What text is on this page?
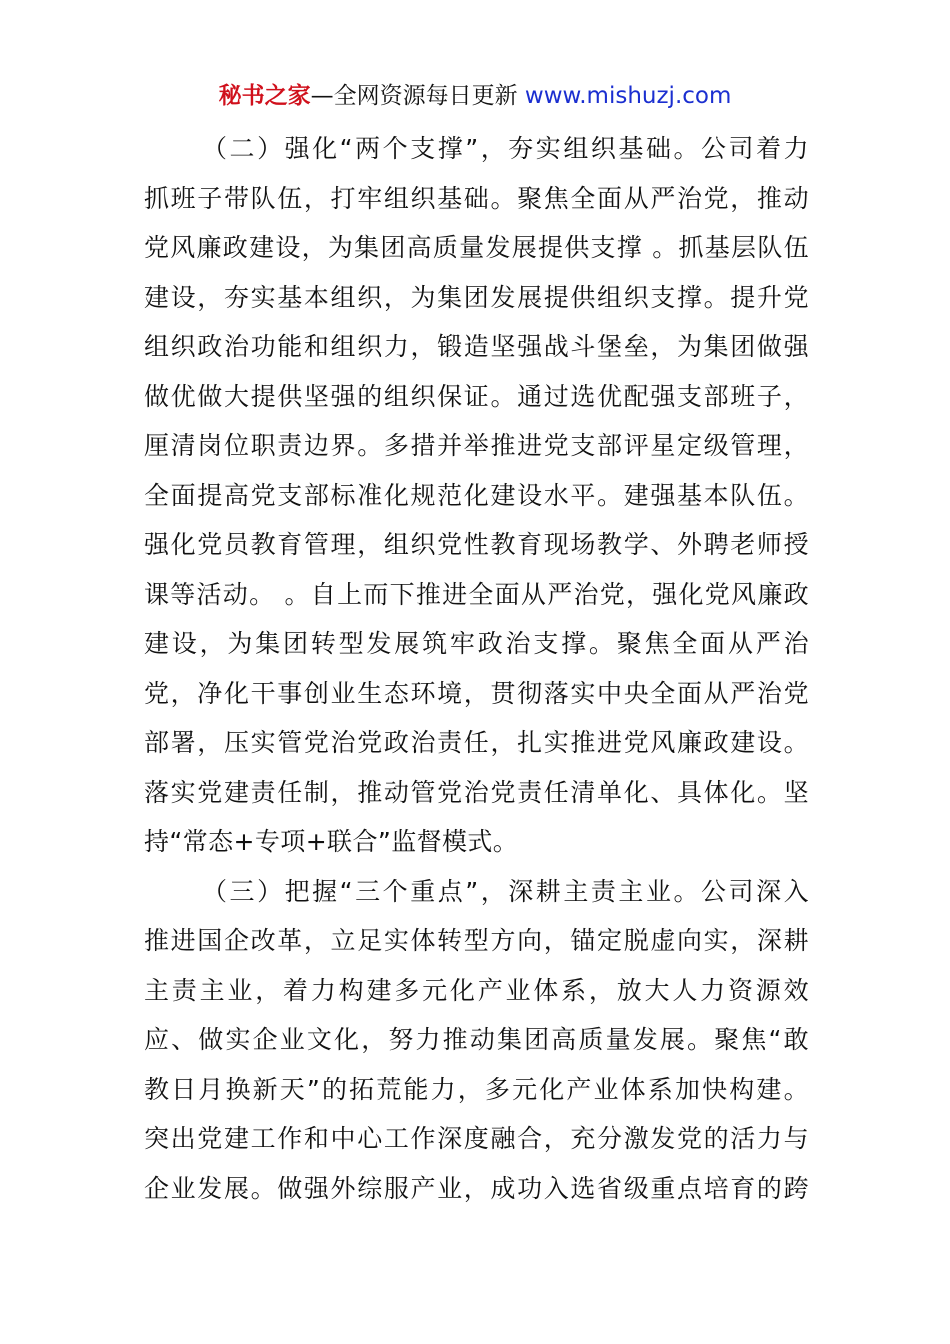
秘书之家—全网资源每日更新 www.mishuzj.com
（二）强化“两个支撑”，夯实组织基础。公司着力
抓班子带队伍，打牢组织基础。聚焦全面从严治党，推动
党风廉政建设，为集团高质量发展提供支撑 。抓基层队伍
建设，夯实基本组织，为集团发展提供组织支撑。提升党
组织政治功能和组织力，锻造坚强战斗堡垒，为集团做强
做优做大提供坚强的组织保证。通过选优配强支部班子，
厘清岗位职责边界。多措并举推进党支部评星定级管理，
全面提高党支部标准化规范化建设水平。建强基本队伍。
强化党员教育管理，组织党性教育现场教学、外聘老师授
课等活动。 。自上而下推进全面从严治党，强化党风廉政
建设，为集团转型发展筑牢政治支撑。聚焦全面从严治
党，净化干事创业生态环境，贯彻落实中央全面从严治党
部署，压实管党治党政治责任，扎实推进党风廉政建设。
落实党建责任制，推动管党治党责任清单化、具体化。坚
持“常态+专项+联合”监督模式。
（三）把握“三个重点”，深耕主责主业。公司深入
推进国企改革，立足实体转型方向，锚定脱虚向实，深耕
主责主业，着力构建多元化产业体系，放大人力资源效
应、做实企业文化，努力推动集团高质量发展。聚焦“敢
教日月换新天”的拓荒能力，多元化产业体系加快构建。
突出党建工作和中心工作深度融合，充分激发党的活力与
企业发展。做强外综服产业，成功入选省级重点培育的跨
